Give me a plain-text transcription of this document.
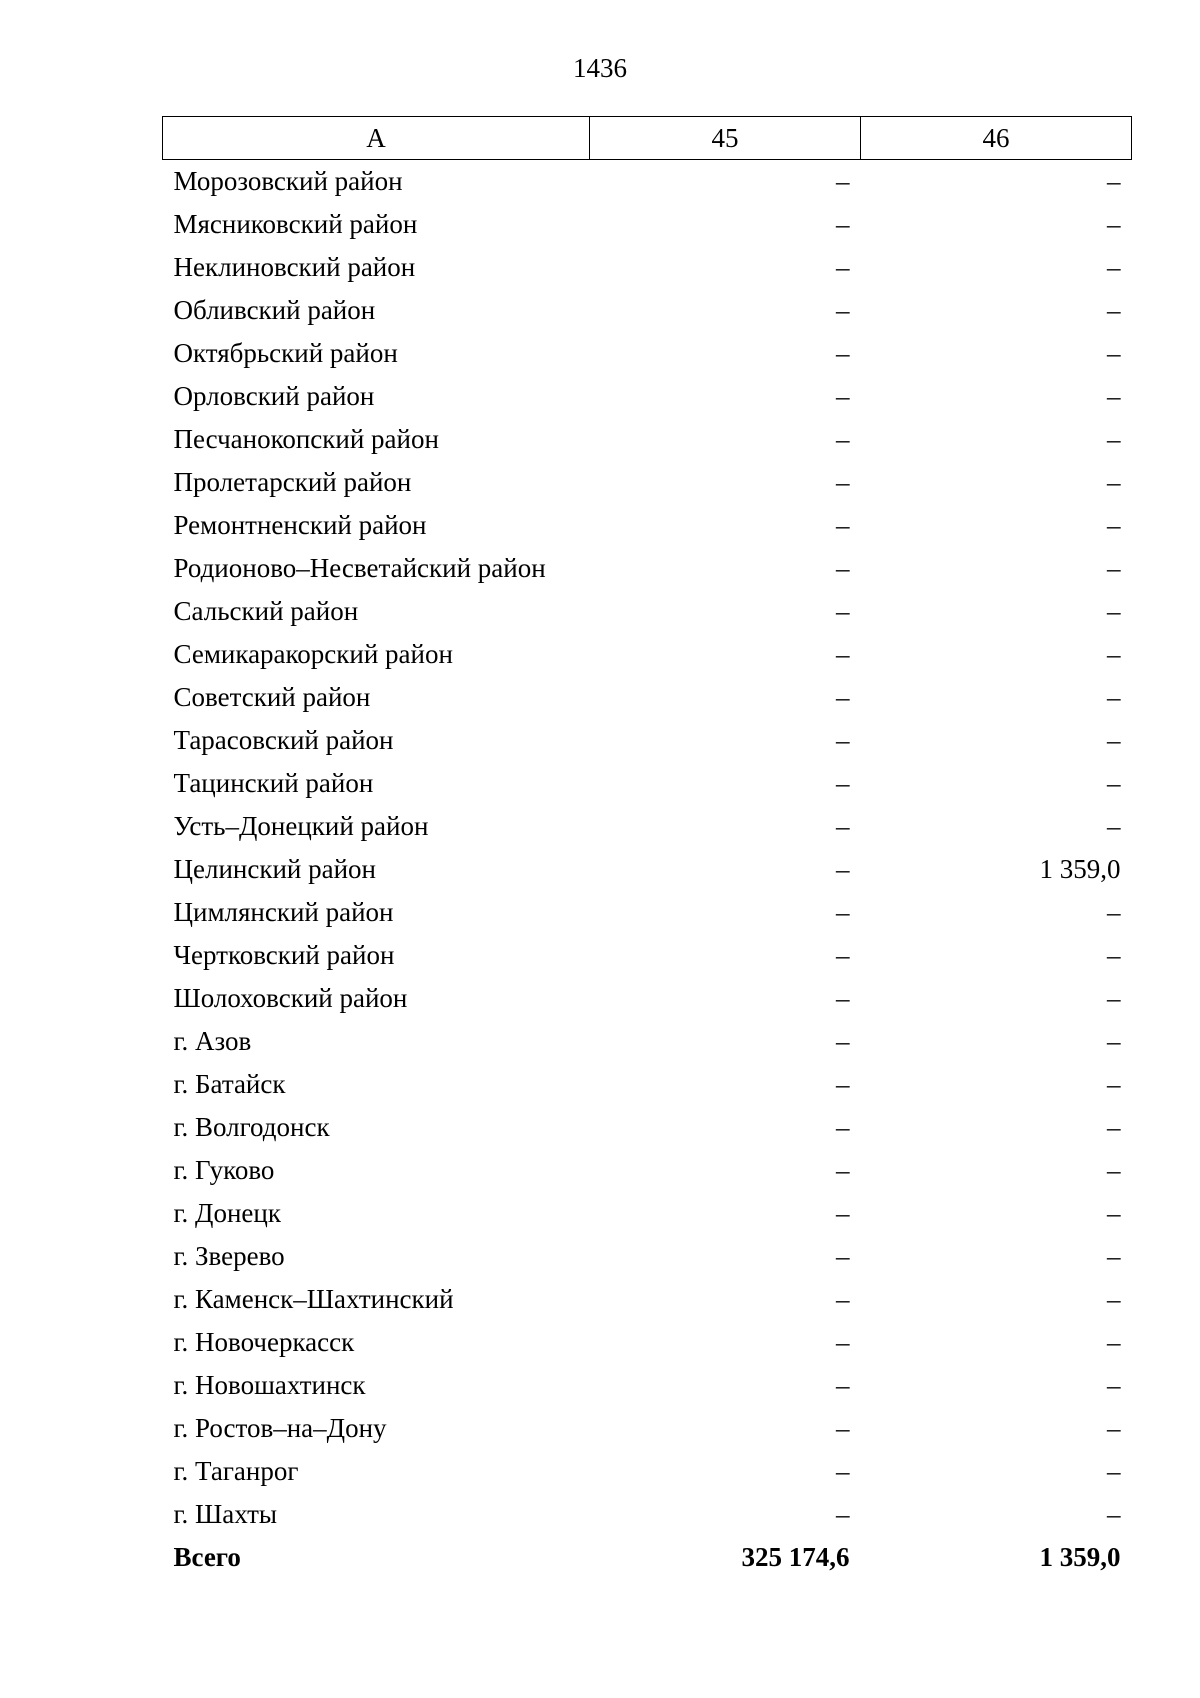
1436
А	45	46
Морозовский район	–	–
Мясниковский район	–	–
Неклиновский район	–	–
Обливский район	–	–
Октябрьский район	–	–
Орловский район	–	–
Песчанокопский район	–	–
Пролетарский район	–	–
Ремонтненский район	–	–
Родионово–Несветайский район	–	–
Сальский район	–	–
Семикаракорский район	–	–
Советский район	–	–
Тарасовский район	–	–
Тацинский район	–	–
Усть–Донецкий район	–	–
Целинский район	–	1 359,0
Цимлянский район	–	–
Чертковский район	–	–
Шолоховский район	–	–
г. Азов	–	–
г. Батайск	–	–
г. Волгодонск	–	–
г. Гуково	–	–
г. Донецк	–	–
г. Зверево	–	–
г. Каменск–Шахтинский	–	–
г. Новочеркасск	–	–
г. Новошахтинск	–	–
г. Ростов–на–Дону	–	–
г. Таганрог	–	–
г. Шахты	–	–
Всего	325 174,6	1 359,0
